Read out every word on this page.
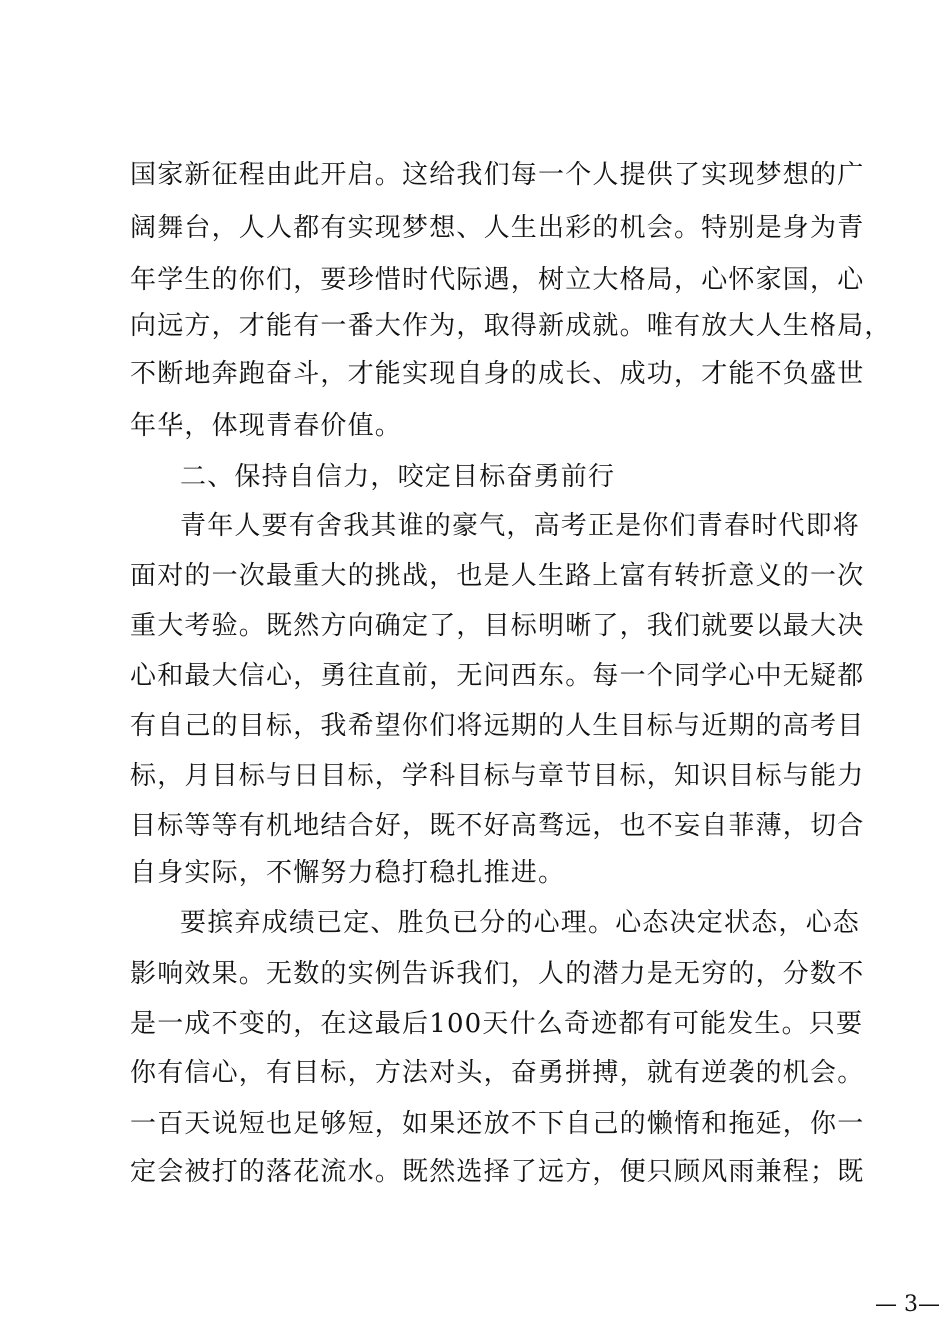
国家新征程由此开启。这给我们每一个人提供了实现梦想的广
阔舞台，人人都有实现梦想、人生出彩的机会。特别是身为青
年学生的你们，要珍惜时代际遇，树立大格局，心怀家国，心
向远方，才能有一番大作为，取得新成就。唯有放大人生格局，
不断地奔跑奋斗，才能实现自身的成长、成功，才能不负盛世
年华，体现青春价值。
二、保持自信力，咬定目标奋勇前行
青年人要有舍我其谁的豪气，高考正是你们青春时代即将
面对的一次最重大的挑战，也是人生路上富有转折意义的一次
重大考验。既然方向确定了，目标明晰了，我们就要以最大决
心和最大信心，勇往直前，无问西东。每一个同学心中无疑都
有自己的目标，我希望你们将远期的人生目标与近期的高考目
标，月目标与日目标，学科目标与章节目标，知识目标与能力
目标等等有机地结合好，既不好高骛远，也不妄自菲薄，切合
自身实际，不懈努力稳打稳扎推进。
要摈弃成绩已定、胜负已分的心理。心态决定状态，心态
影响效果。无数的实例告诉我们，人的潜力是无穷的，分数不
是一成不变的，在这最后100天什么奇迹都有可能发生。只要
你有信心，有目标，方法对头，奋勇拼搏，就有逆袭的机会。
一百天说短也足够短，如果还放不下自己的懒惰和拖延，你一
定会被打的落花流水。既然选择了远方，便只顾风雨兼程；既
— 3—
